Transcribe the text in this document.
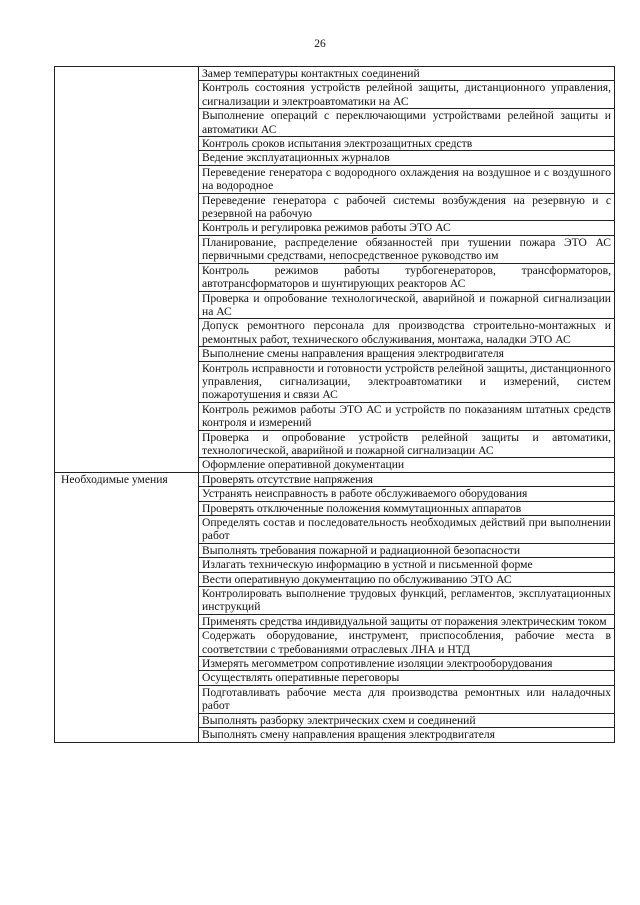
26
	Замер температуры контактных соединений
	Контроль состояния устройств релейной защиты, дистанционного управления, сигнализации и электроавтоматики на АС
	Выполнение операций с переключающими устройствами релейной защиты и автоматики АС
	Контроль сроков испытания электрозащитных средств
	Ведение эксплуатационных журналов
	Переведение генератора с водородного охлаждения на воздушное и с воздушного на водородное
	Переведение генератора с рабочей системы возбуждения на резервную и с резервной на рабочую
	Контроль и регулировка режимов работы ЭТО АС
	Планирование, распределение обязанностей при тушении пожара ЭТО АС первичными средствами, непосредственное руководство им
	Контроль режимов работы турбогенераторов, трансформаторов, автотрансформаторов и шунтирующих реакторов АС
	Проверка и опробование технологической, аварийной и пожарной сигнализации на АС
	Допуск ремонтного персонала для производства строительно-монтажных и ремонтных работ, технического обслуживания, монтажа, наладки ЭТО АС
	Выполнение смены направления вращения электродвигателя
	Контроль исправности и готовности устройств релейной защиты, дистанционного управления, сигнализации, электроавтоматики и измерений, систем пожаротушения и связи АС
	Контроль режимов работы ЭТО АС и устройств по показаниям штатных средств контроля и измерений
	Проверка и опробование устройств релейной защиты и автоматики, технологической, аварийной и пожарной сигнализации АС
	Оформление оперативной документации
Необходимые умения	Проверять отсутствие напряжения
	Устранять неисправность в работе обслуживаемого оборудования
	Проверять отключенные положения коммутационных аппаратов
	Определять состав и последовательность необходимых действий при выполнении работ
	Выполнять требования пожарной и радиационной безопасности
	Излагать техническую информацию в устной и письменной форме
	Вести оперативную документацию по обслуживанию ЭТО АС
	Контролировать выполнение трудовых функций, регламентов, эксплуатационных инструкций
	Применять средства индивидуальной защиты от поражения электрическим током
	Содержать оборудование, инструмент, приспособления, рабочие места в соответствии с требованиями отраслевых ЛНА и НТД
	Измерять мегомметром сопротивление изоляции электрооборудования
	Осуществлять оперативные переговоры
	Подготавливать рабочие места для производства ремонтных или наладочных работ
	Выполнять разборку электрических схем и соединений
	Выполнять смену направления вращения электродвигателя
